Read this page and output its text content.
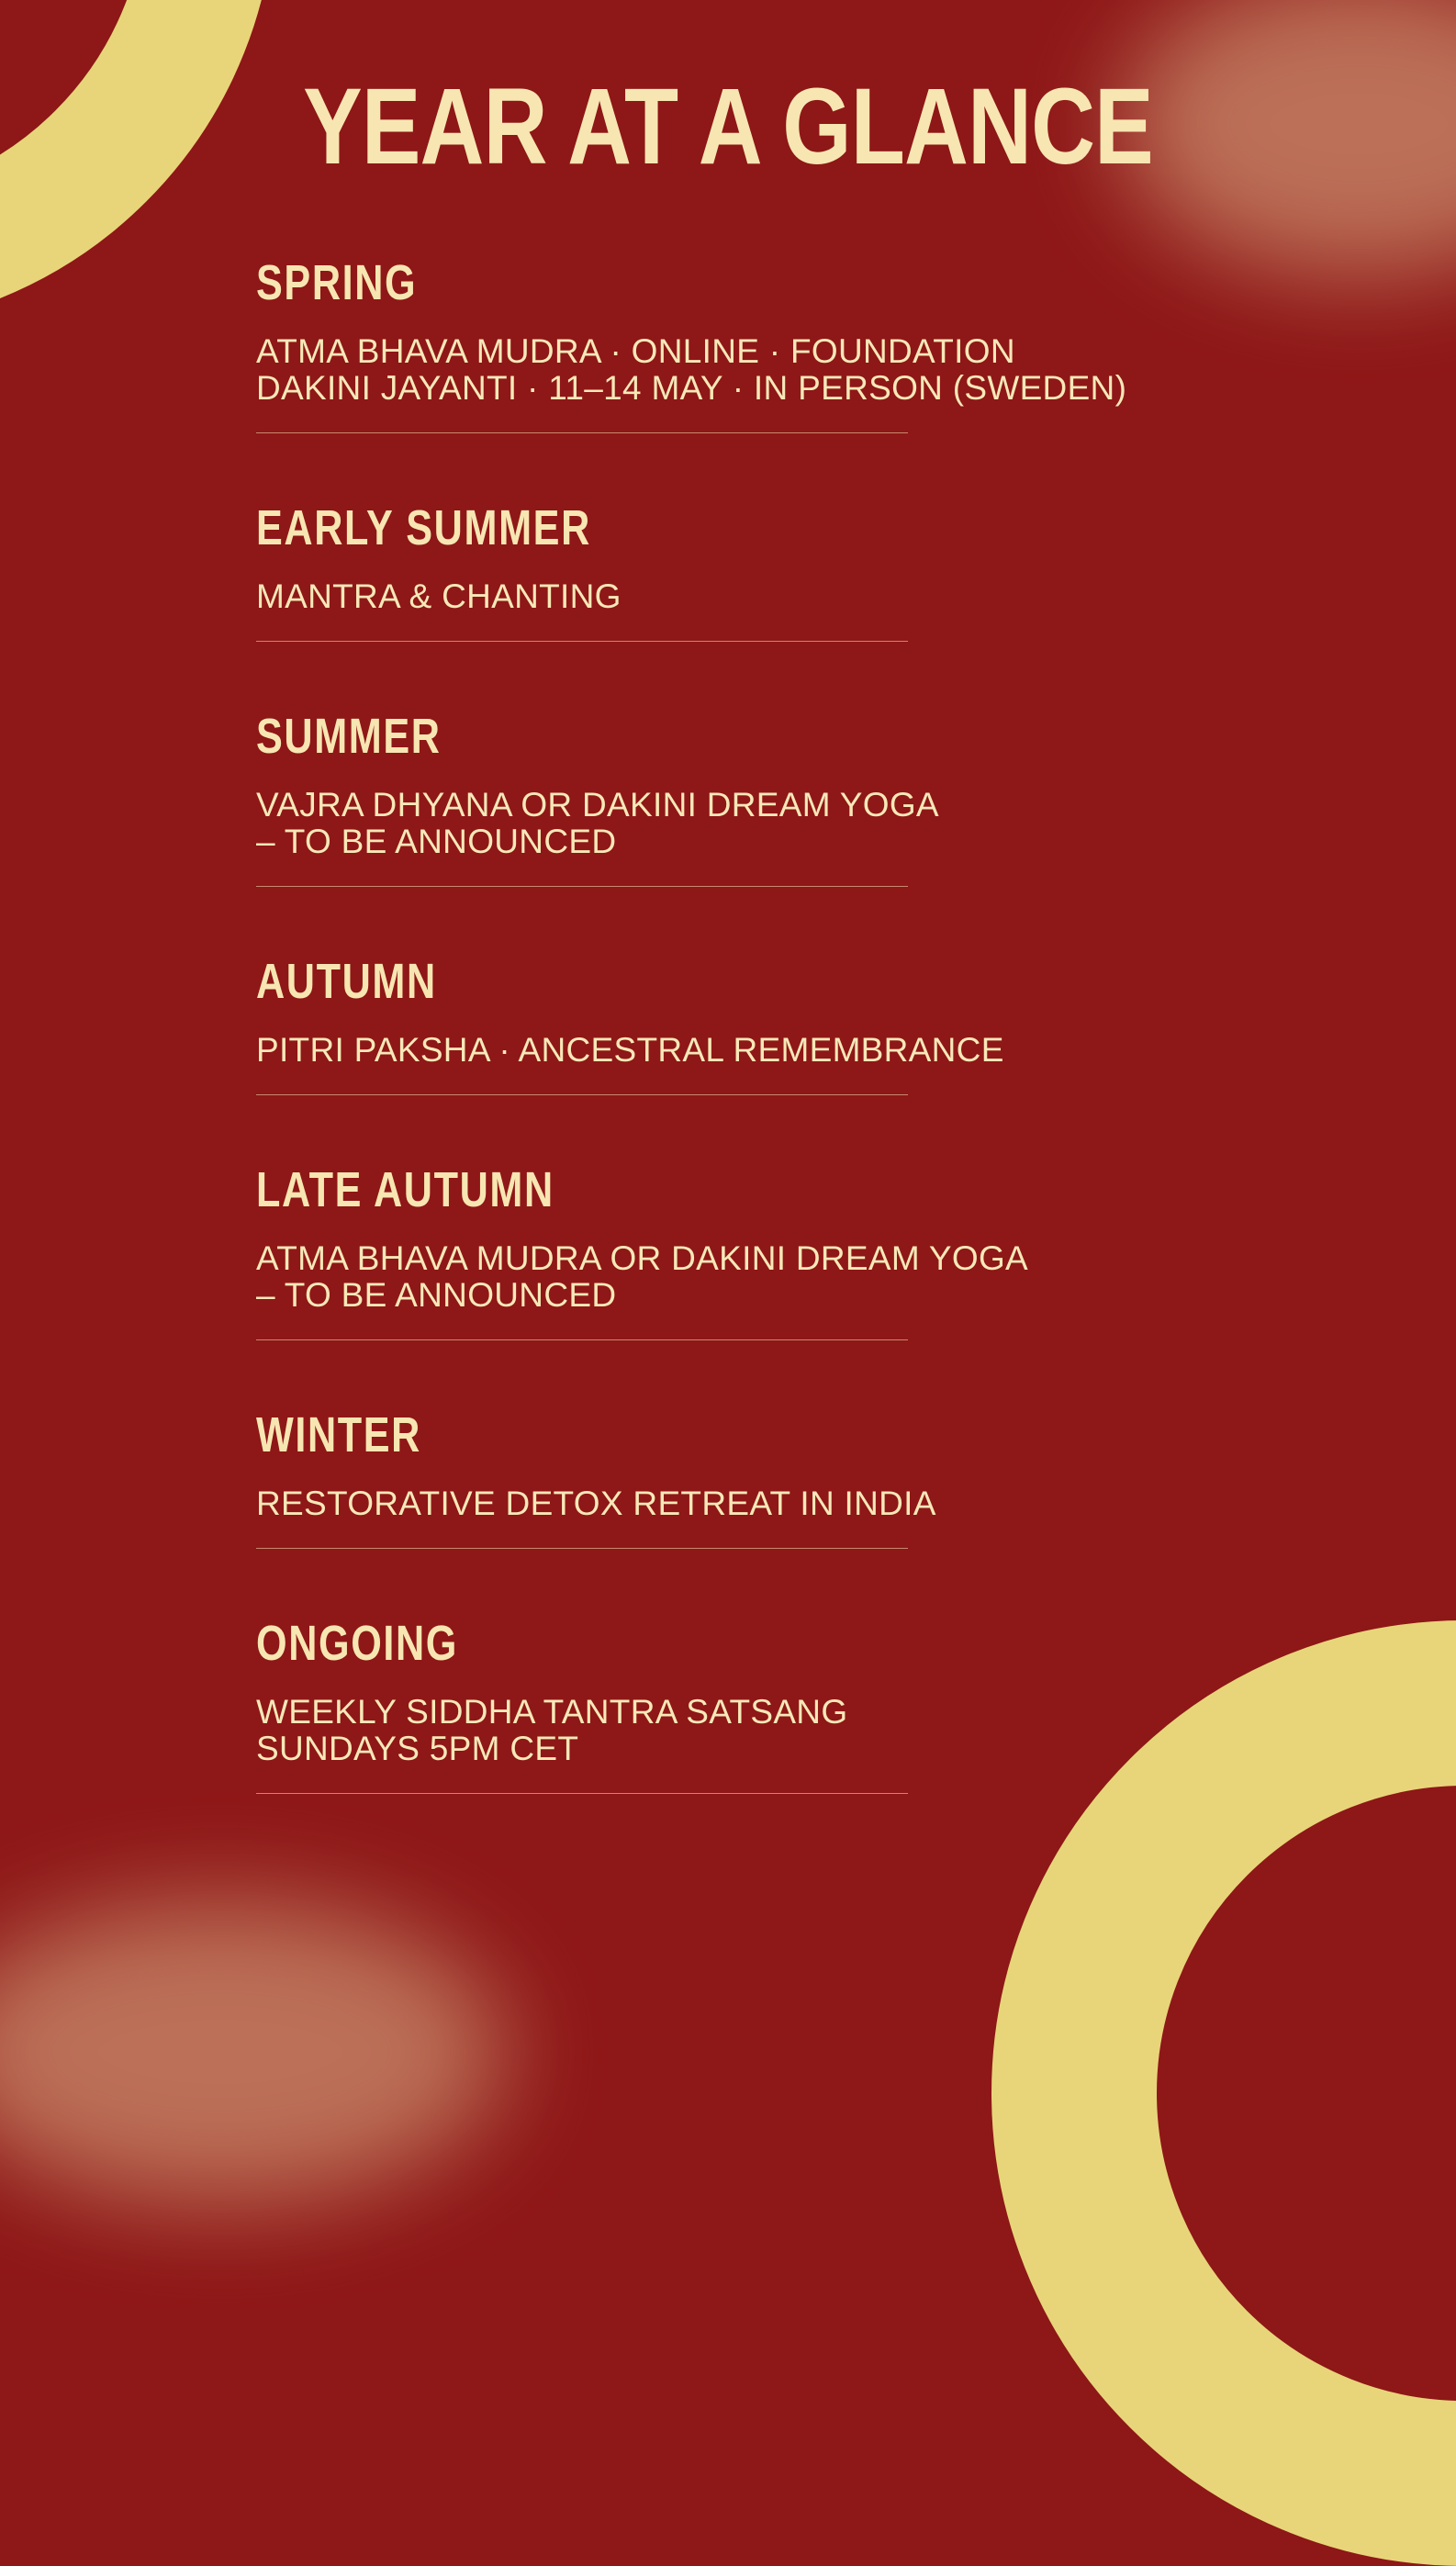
YEAR AT A GLANCE
SPRING
ATMA BHAVA MUDRA · ONLINE · FOUNDATION
DAKINI JAYANTI · 11–14 MAY · IN PERSON (SWEDEN)
EARLY SUMMER
MANTRA & CHANTING
SUMMER
VAJRA DHYANA OR DAKINI DREAM YOGA
– TO BE ANNOUNCED
AUTUMN
PITRI PAKSHA · ANCESTRAL REMEMBRANCE
LATE AUTUMN
ATMA BHAVA MUDRA OR DAKINI DREAM YOGA
– TO BE ANNOUNCED
WINTER
RESTORATIVE DETOX RETREAT IN INDIA
ONGOING
WEEKLY SIDDHA TANTRA SATSANG
SUNDAYS 5PM CET
